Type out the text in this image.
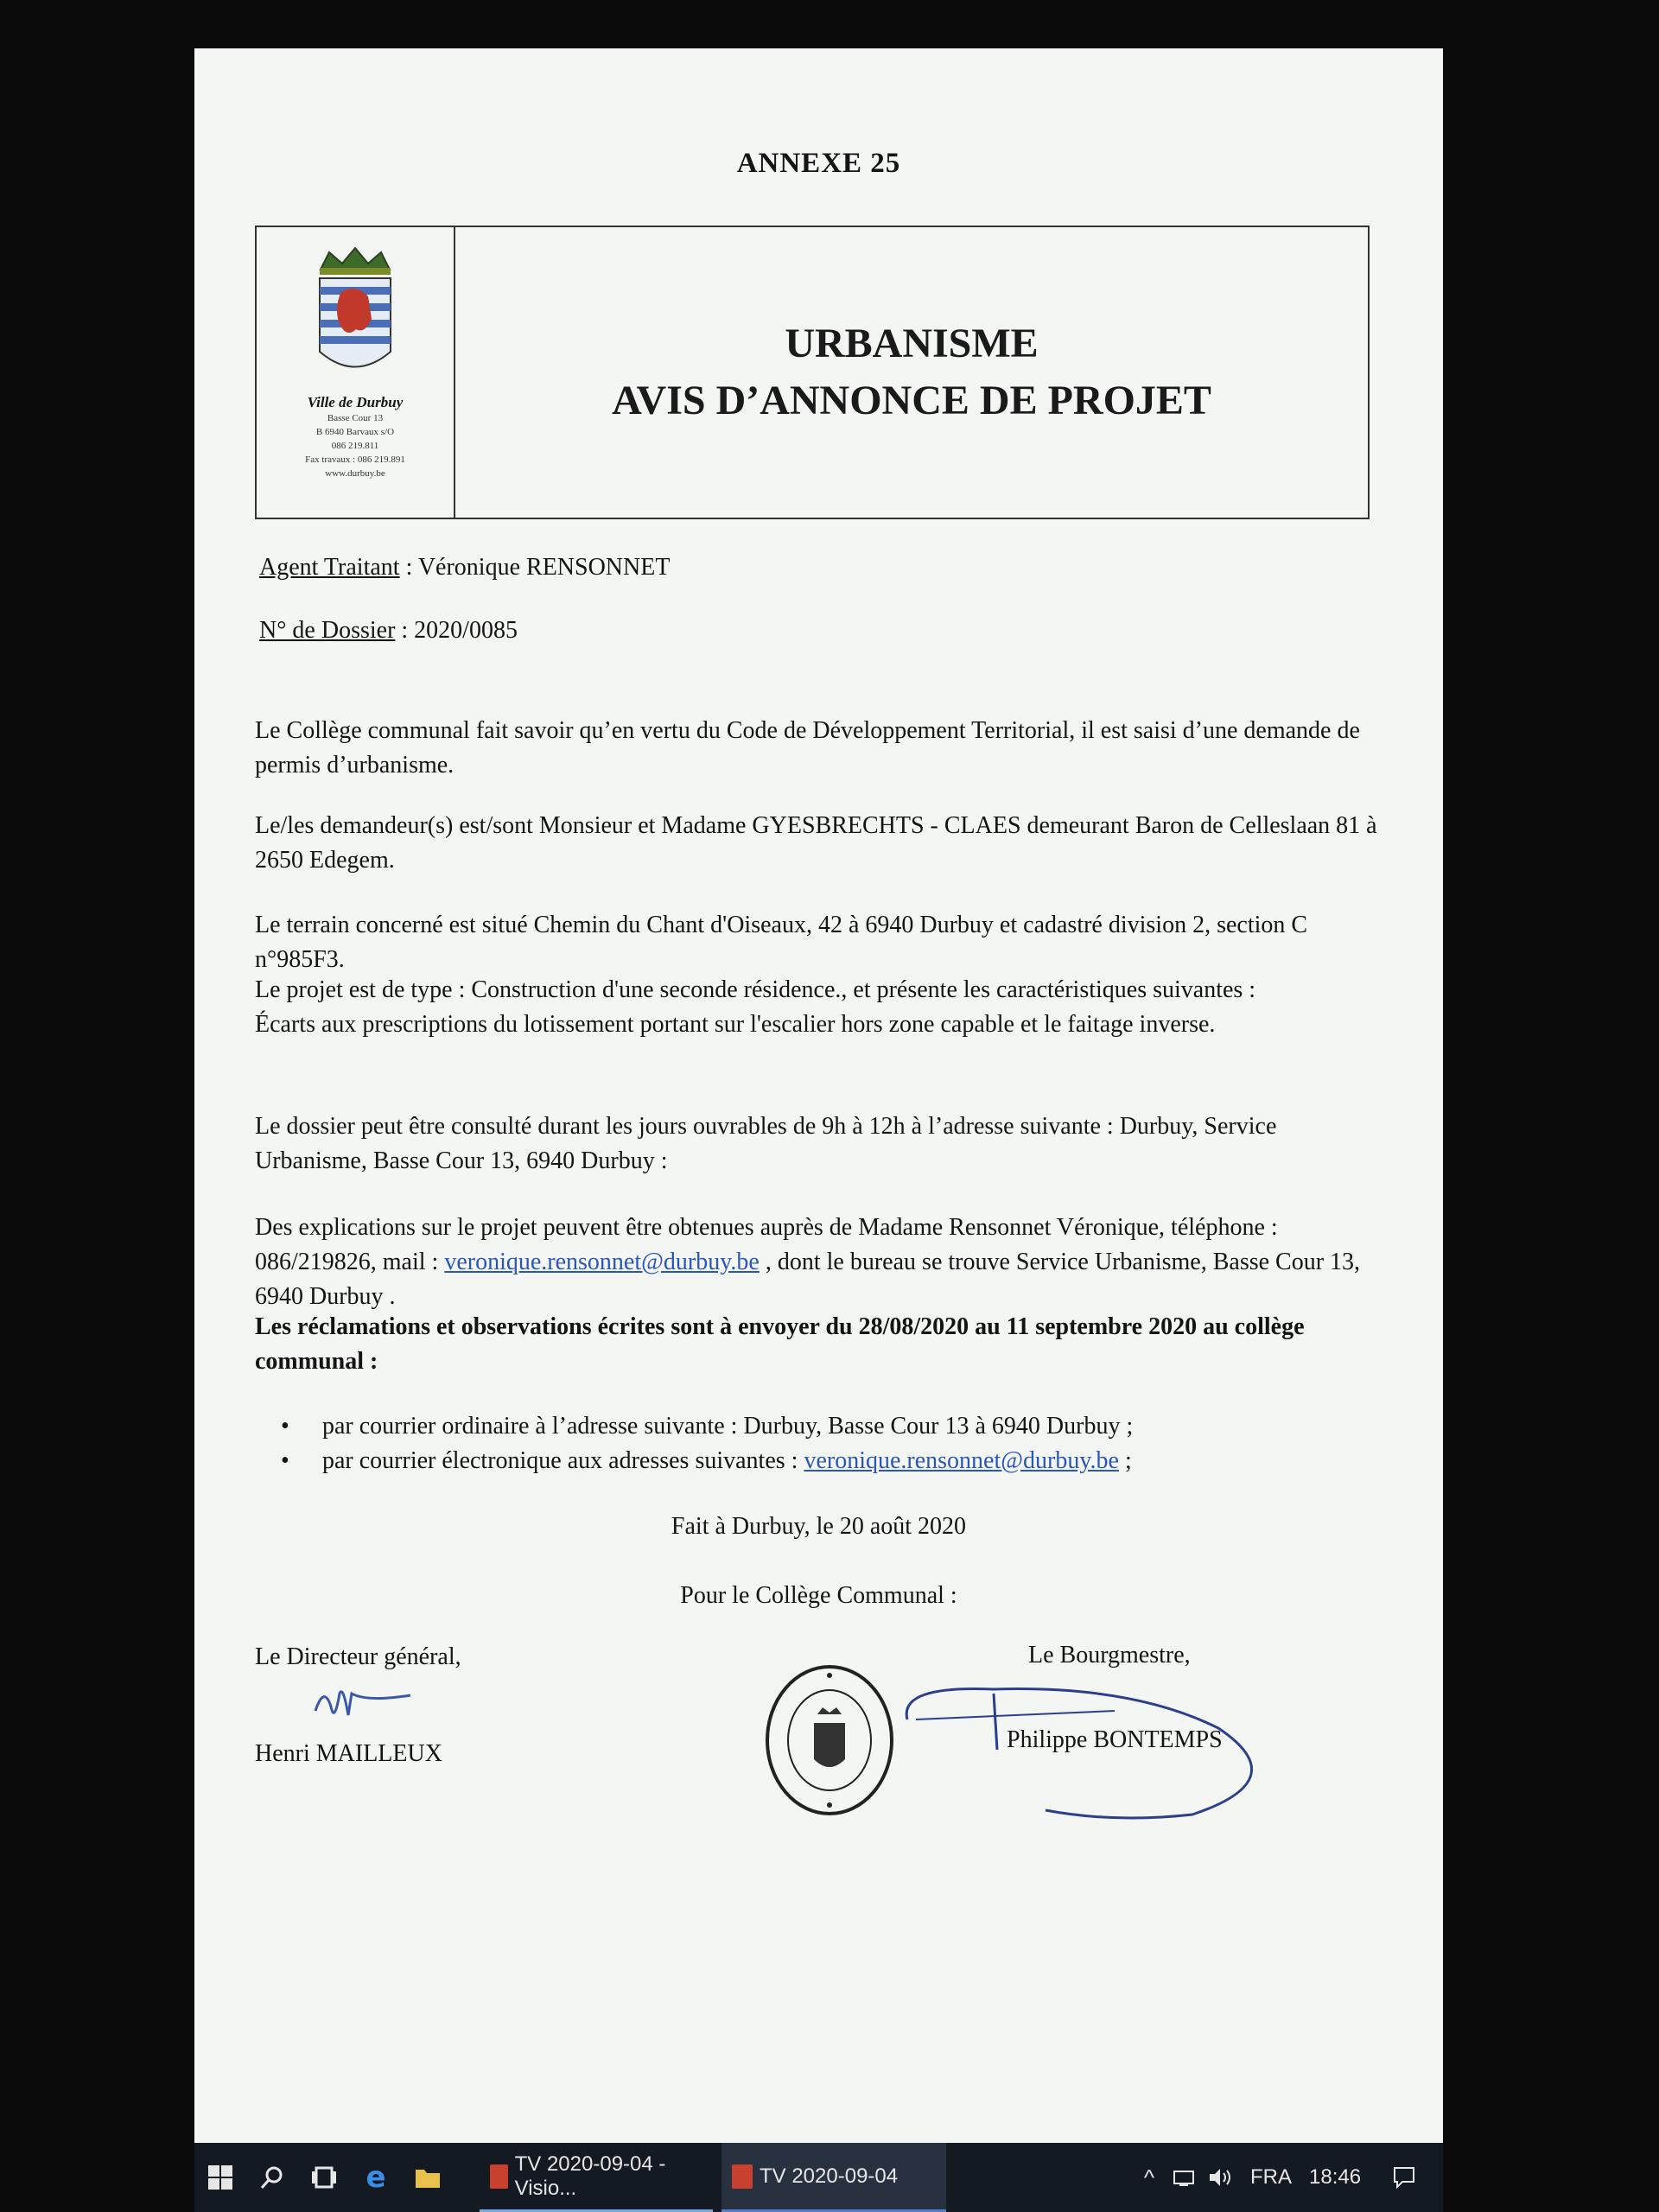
ANNEXE 25
Ville de Durbuy
Basse Cour 13
B 6940 Barvaux s/O
086 219.811
Fax travaux : 086 219.891
www.durbuy.be
URBANISME
AVIS D’ANNONCE DE PROJET
Agent Traitant : Véronique RENSONNET
N° de Dossier : 2020/0085
Le Collège communal fait savoir qu’en vertu du Code de Développement Territorial, il est saisi d’une demande de permis d’urbanisme.
Le/les demandeur(s) est/sont Monsieur et Madame GYESBRECHTS - CLAES demeurant Baron de Celleslaan 81 à 2650 Edegem.
Le terrain concerné est situé Chemin du Chant d'Oiseaux, 42 à 6940 Durbuy et cadastré division 2, section C n°985F3.
Le projet est de type : Construction d'une seconde résidence., et présente les caractéristiques suivantes :
Écarts aux prescriptions du lotissement portant sur l'escalier hors zone capable et le faitage inverse.
Le dossier peut être consulté durant les jours ouvrables de 9h à 12h à l’adresse suivante : Durbuy, Service Urbanisme, Basse Cour 13, 6940 Durbuy :
Des explications sur le projet peuvent être obtenues auprès de Madame Rensonnet Véronique, téléphone : 086/219826, mail : veronique.rensonnet@durbuy.be , dont le bureau se trouve Service Urbanisme, Basse Cour 13, 6940 Durbuy .
Les réclamations et observations écrites sont à envoyer du 28/08/2020 au 11 septembre 2020 au collège communal :
• par courrier ordinaire à l’adresse suivante : Durbuy, Basse Cour 13 à 6940 Durbuy ;
• par courrier électronique aux adresses suivantes : veronique.rensonnet@durbuy.be ;
Fait à Durbuy, le 20 août 2020
Pour le Collège Communal :
Le Directeur général,
Henri MAILLEUX
Le Bourgmestre,
Philippe BONTEMPS
e	TV 2020-09-04 - Visio...
TV 2020-09-04	^	FRA 18:46
